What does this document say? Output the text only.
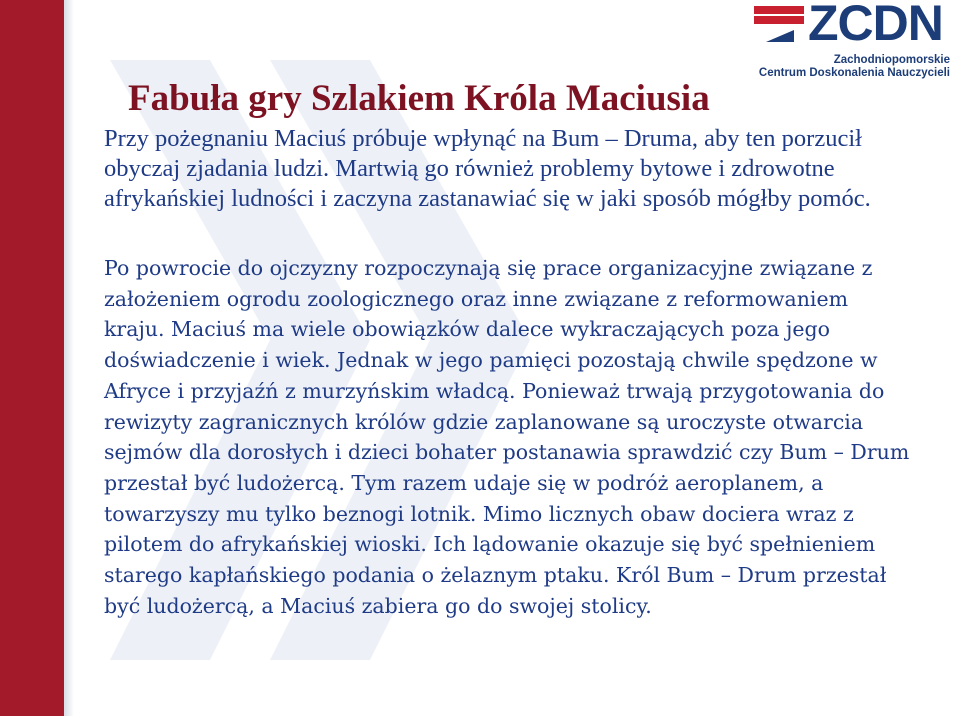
ZCDN
Zachodniopomorskie
Centrum Doskonalenia Nauczycieli
Fabuła gry Szlakiem Króla Maciusia

Przy pożegnaniu Maciuś próbuje wpłynąć na Bum – Druma, aby ten porzucił obyczaj zjadania ludzi. Martwią go również problemy bytowe i zdrowotne afrykańskiej ludności i zaczyna zastanawiać się w jaki sposób mógłby pomóc.

Po powrocie do ojczyzny rozpoczynają się prace organizacyjne związane z założeniem ogrodu zoologicznego oraz inne związane z reformowaniem kraju. Maciuś ma wiele obowiązków dalece wykraczających poza jego doświadczenie i wiek. Jednak w jego pamięci pozostają chwile spędzone w Afryce i przyjaźń z murzyńskim władcą. Ponieważ trwają przygotowania do rewizyty zagranicznych królów gdzie zaplanowane są uroczyste otwarcia sejmów dla dorosłych i dzieci bohater postanawia sprawdzić czy Bum – Drum przestał być ludożercą. Tym razem udaje się w podróż aeroplanem, a towarzyszy mu tylko beznogi lotnik. Mimo licznych obaw dociera wraz z pilotem do afrykańskiej wioski. Ich lądowanie okazuje się być spełnieniem starego kapłańskiego podania o żelaznym ptaku. Król Bum – Drum przestał być ludożercą, a Maciuś zabiera go do swojej stolicy.
